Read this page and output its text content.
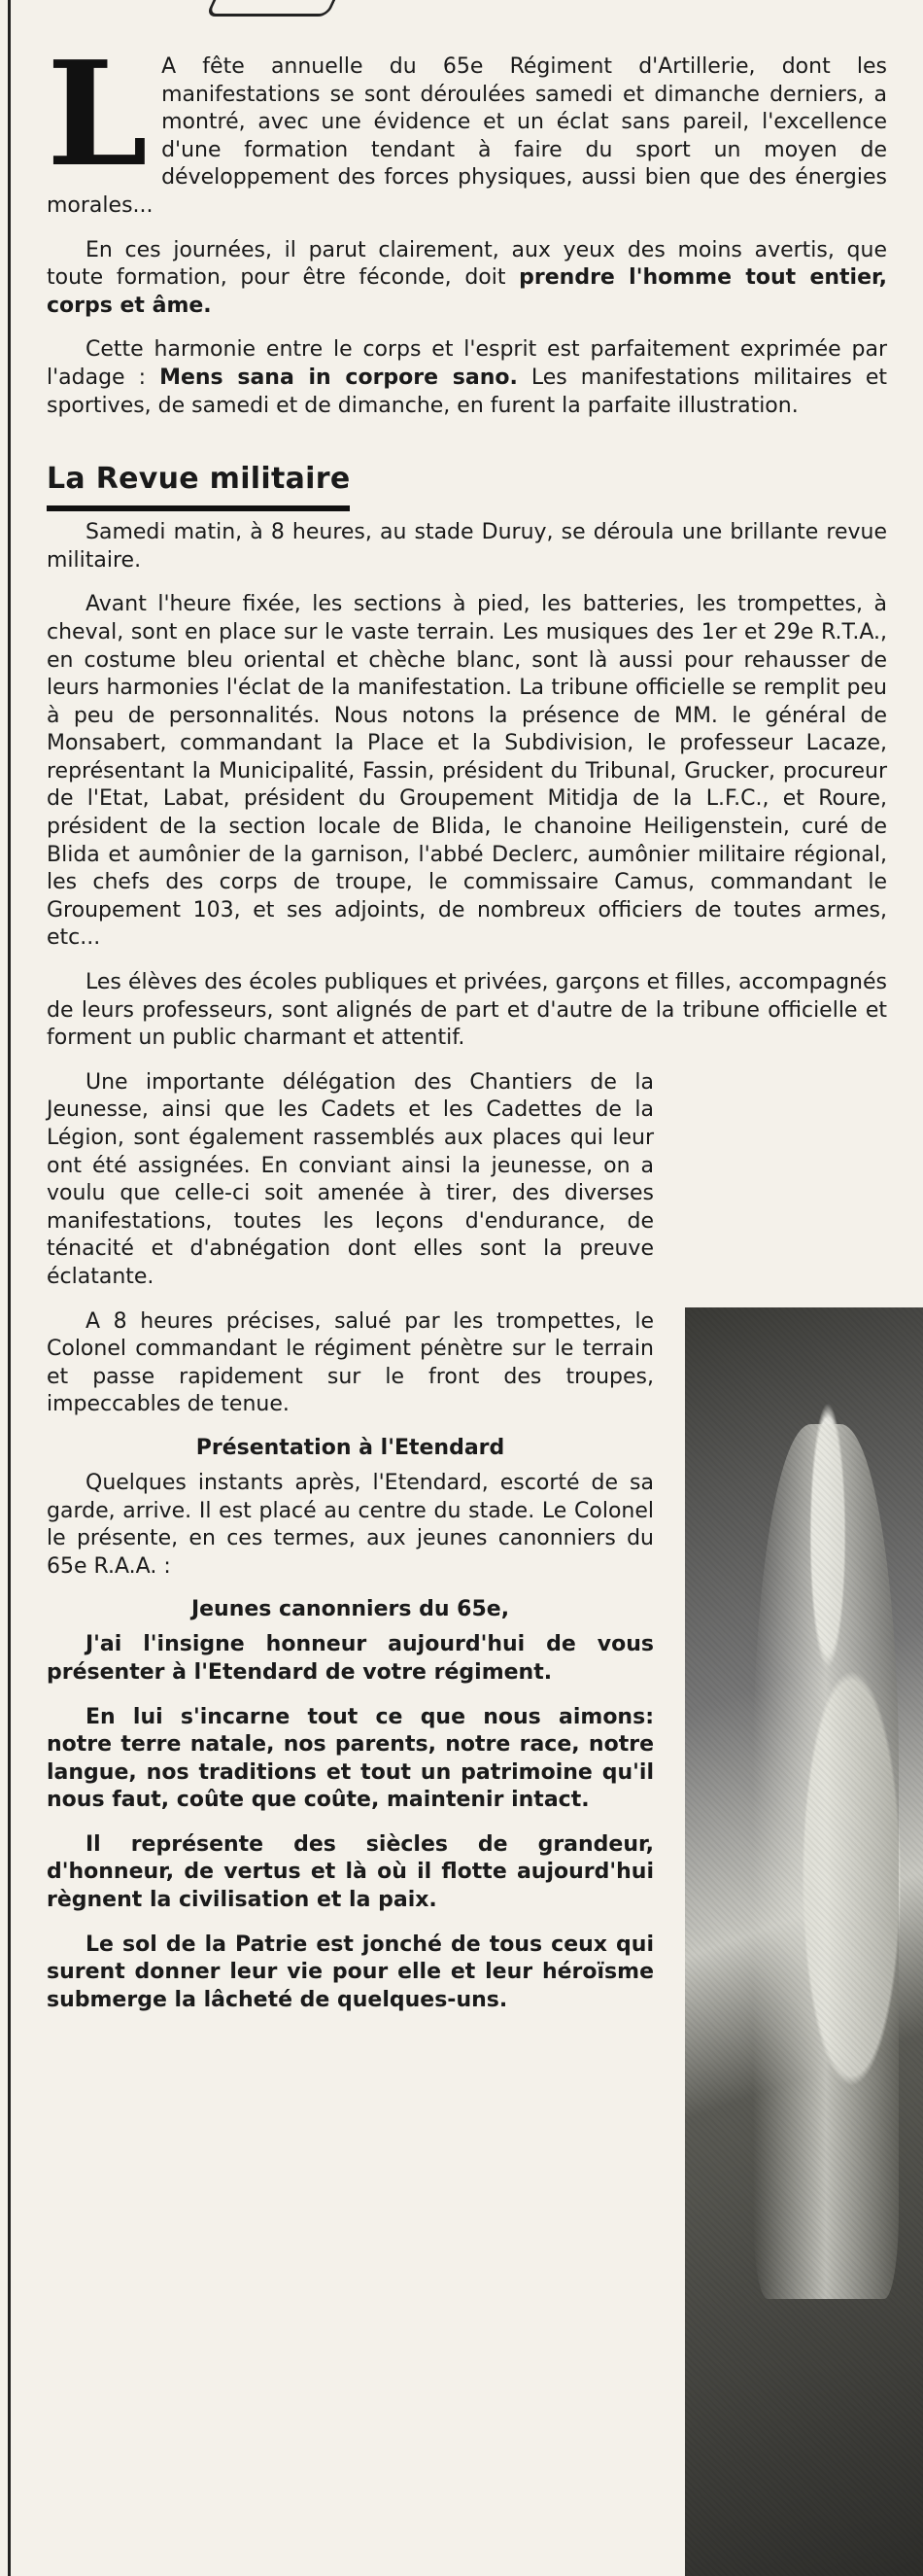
L A fête annuelle du 65e Régiment d'Artillerie, dont les manifestations se sont déroulées samedi et dimanche derniers, a montré, avec une évidence et un éclat sans pareil, l'excellence d'une formation tendant à faire du sport un moyen de développement des forces physiques, aussi bien que des énergies morales...

En ces journées, il parut clairement, aux yeux des moins avertis, que toute formation, pour être féconde, doit prendre l'homme tout entier, corps et âme.

Cette harmonie entre le corps et l'esprit est parfaitement exprimée par l'adage : Mens sana in corpore sano. Les manifestations militaires et sportives, de samedi et de dimanche, en furent la parfaite illustration.

La Revue militaire

Samedi matin, à 8 heures, au stade Duruy, se déroula une brillante revue militaire.

Avant l'heure fixée, les sections à pied, les batteries, les trompettes, à cheval, sont en place sur le vaste terrain. Les musiques des 1er et 29e R.T.A., en costume bleu oriental et chèche blanc, sont là aussi pour rehausser de leurs harmonies l'éclat de la manifestation. La tribune officielle se remplit peu à peu de personnalités. Nous notons la présence de MM. le général de Monsabert, commandant la Place et la Subdivision, le professeur Lacaze, représentant la Municipalité, Fassin, président du Tribunal, Grucker, procureur de l'Etat, Labat, président du Groupement Mitidja de la L.F.C., et Roure, président de la section locale de Blida, le chanoine Heiligenstein, curé de Blida et aumônier de la garnison, l'abbé Declerc, aumônier militaire régional, les chefs des corps de troupe, le commissaire Camus, commandant le Groupement 103, et ses adjoints, de nombreux officiers de toutes armes, etc...

Les élèves des écoles publiques et privées, garçons et filles, accompagnés de leurs professeurs, sont alignés de part et d'autre de la tribune officielle et forment un public charmant et attentif.

Une importante délégation des Chantiers de la Jeunesse, ainsi que les Cadets et les Cadettes de la Légion, sont également rassemblés aux places qui leur ont été assignées. En conviant ainsi la jeunesse, on a voulu que celle-ci soit amenée à tirer, des diverses manifestations, toutes les leçons d'endurance, de ténacité et d'abnégation dont elles sont la preuve éclatante.

A 8 heures précises, salué par les trompettes, le Colonel commandant le régiment pénètre sur le terrain et passe rapidement sur le front des troupes, impeccables de tenue.

Présentation à l'Etendard

Quelques instants après, l'Etendard, escorté de sa garde, arrive. Il est placé au centre du stade. Le Colonel le présente, en ces termes, aux jeunes canonniers du 65e R.A.A. :

Jeunes canonniers du 65e,

J'ai l'insigne honneur aujourd'hui de vous présenter à l'Etendard de votre régiment.

En lui s'incarne tout ce que nous aimons: notre terre natale, nos parents, notre race, notre langue, nos traditions et tout un patrimoine qu'il nous faut, coûte que coûte, maintenir intact.

Il représente des siècles de grandeur, d'honneur, de vertus et là où il flotte aujourd'hui règnent la civilisation et la paix.

Le sol de la Patrie est jonché de tous ceux qui surent donner leur vie pour elle et leur héroïsme submerge la lâcheté de quelques-uns.
